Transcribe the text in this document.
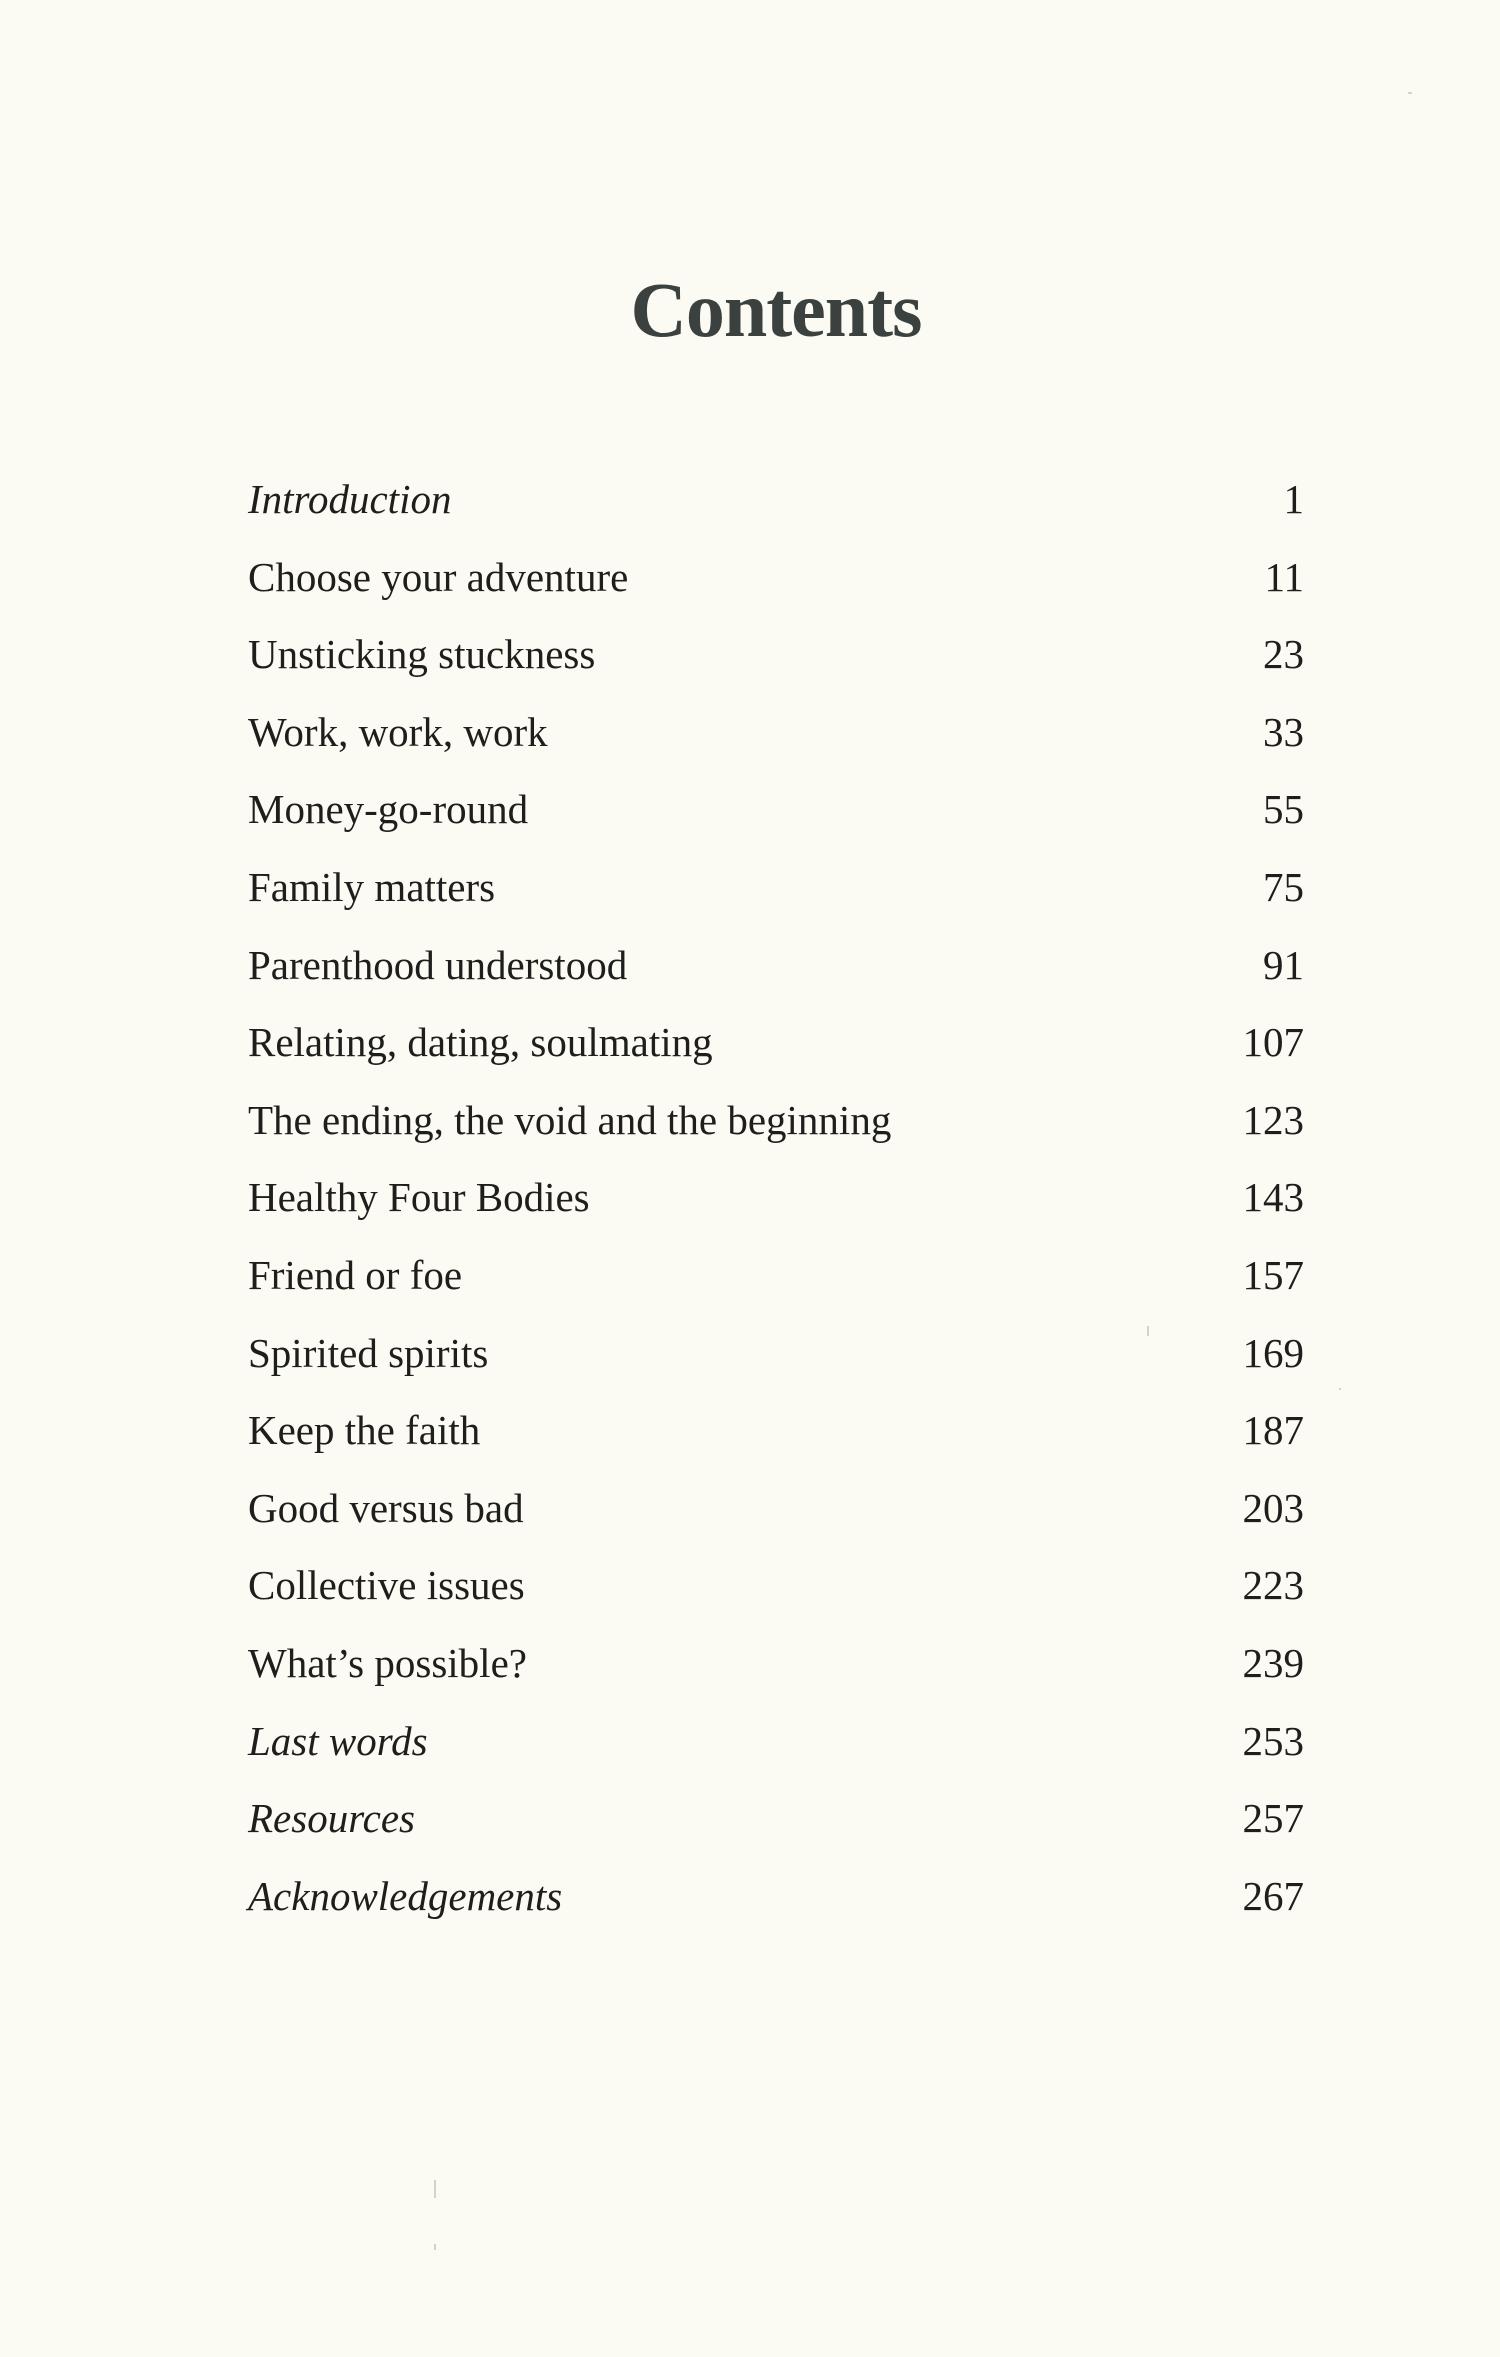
Contents
Introduction	1
Choose your adventure	11
Unsticking stuckness	23
Work, work, work	33
Money-go-round	55
Family matters	75
Parenthood understood	91
Relating, dating, soulmating	107
The ending, the void and the beginning	123
Healthy Four Bodies	143
Friend or foe	157
Spirited spirits	169
Keep the faith	187
Good versus bad	203
Collective issues	223
What’s possible?	239
Last words	253
Resources	257
Acknowledgements	267
